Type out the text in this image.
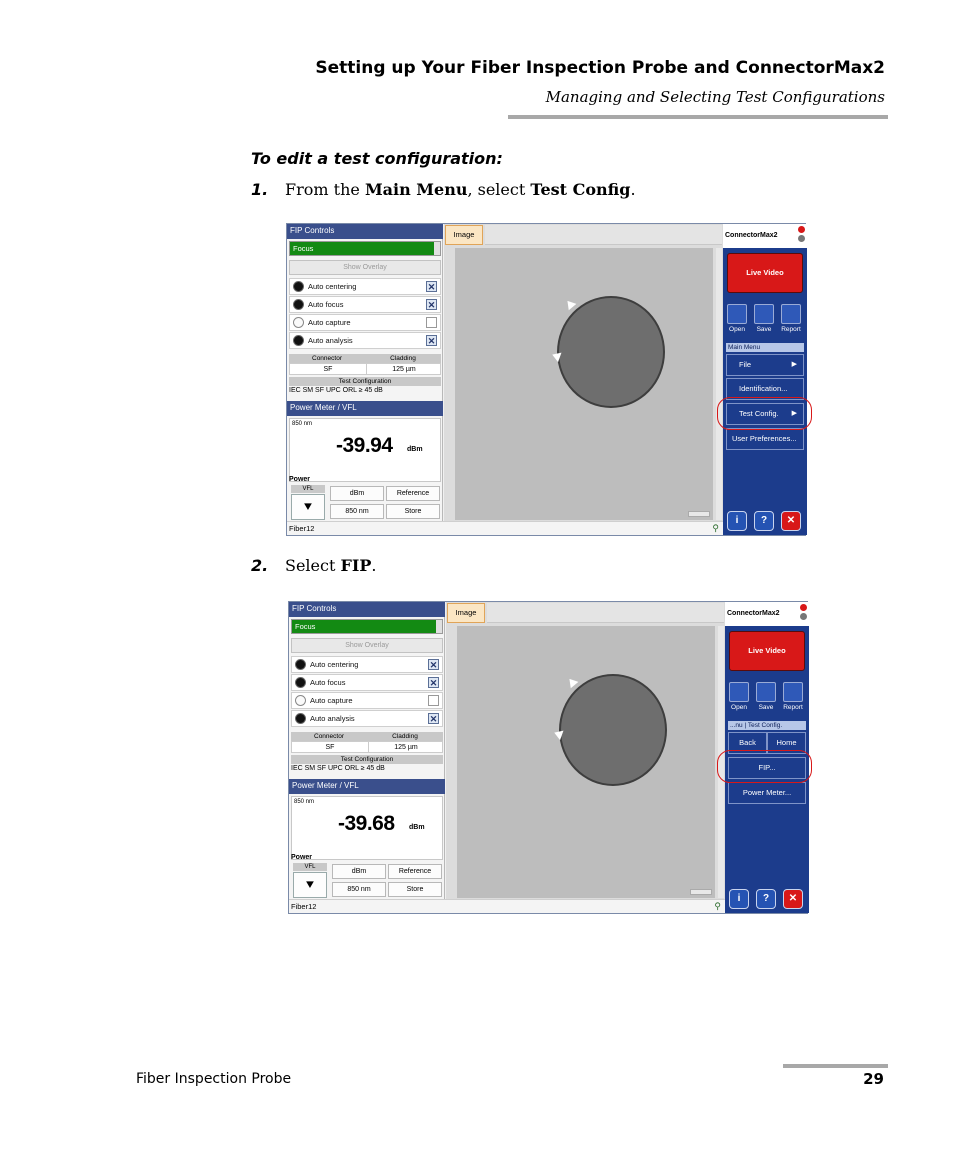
Setting up Your Fiber Inspection Probe and ConnectorMax2
Managing and Selecting Test Configurations
To edit a test configuration:
1. From the Main Menu, select Test Config.
FIP Controls
Focus
Show Overlay
Auto centering	✕
Auto focus	✕
Auto capture
Auto analysis	✕
Connector	Cladding
SF	125 µm
Test Configuration
IEC SM SF UPC ORL ≥ 45 dB
Power Meter / VFL
850 nm
-39.94 dBm
Power
VFL
⯆
dBm	Reference
850 nm	Store
Image
Fiber12	⚲
ConnectorMax2
Live Video
Open	Save	Report
Main Menu
File	▶
Identification...
Test Config. ▶
User Preferences...
i	?	✕
2. Select FIP.
FIP Controls
Focus
Show Overlay
Auto centering	✕
Auto focus	✕
Auto capture
Auto analysis	✕
Connector	Cladding
SF	125 µm
Test Configuration
IEC SM SF UPC ORL ≥ 45 dB
Power Meter / VFL
850 nm
-39.68 dBm
Power
VFL
⯆
dBm	Reference
850 nm	Store
Image
Fiber12	⚲
ConnectorMax2
Live Video
Open	Save	Report
...nu | Test Config.
Back	Home
FIP...
Power Meter...
i	?	✕
Fiber Inspection Probe	29
